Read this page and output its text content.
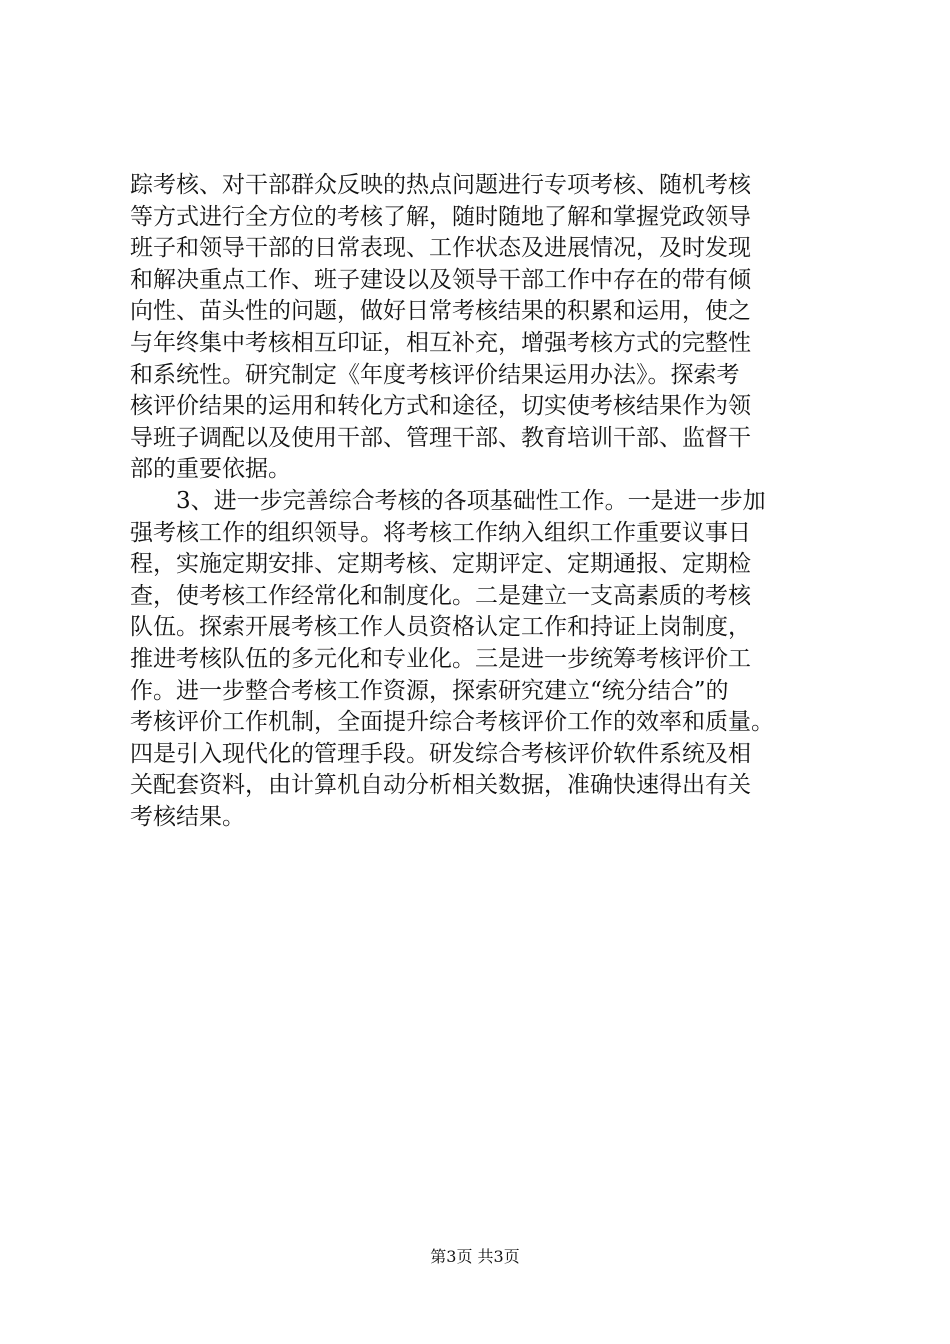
踪考核、对干部群众反映的热点问题进行专项考核、随机考核
等方式进行全方位的考核了解，随时随地了解和掌握党政领导
班子和领导干部的日常表现、工作状态及进展情况，及时发现
和解决重点工作、班子建设以及领导干部工作中存在的带有倾
向性、苗头性的问题，做好日常考核结果的积累和运用，使之
与年终集中考核相互印证，相互补充，增强考核方式的完整性
和系统性。研究制定《年度考核评价结果运用办法》。探索考
核评价结果的运用和转化方式和途径，切实使考核结果作为领
导班子调配以及使用干部、管理干部、教育培训干部、监督干
部的重要依据。
　　3、进一步完善综合考核的各项基础性工作。一是进一步加
强考核工作的组织领导。将考核工作纳入组织工作重要议事日
程，实施定期安排、定期考核、定期评定、定期通报、定期检
查，使考核工作经常化和制度化。二是建立一支高素质的考核
队伍。探索开展考核工作人员资格认定工作和持证上岗制度，
推进考核队伍的多元化和专业化。三是进一步统筹考核评价工
作。进一步整合考核工作资源，探索研究建立“统分结合”的
考核评价工作机制，全面提升综合考核评价工作的效率和质量。
四是引入现代化的管理手段。研发综合考核评价软件系统及相
关配套资料，由计算机自动分析相关数据，准确快速得出有关
考核结果。
第3页 共3页
